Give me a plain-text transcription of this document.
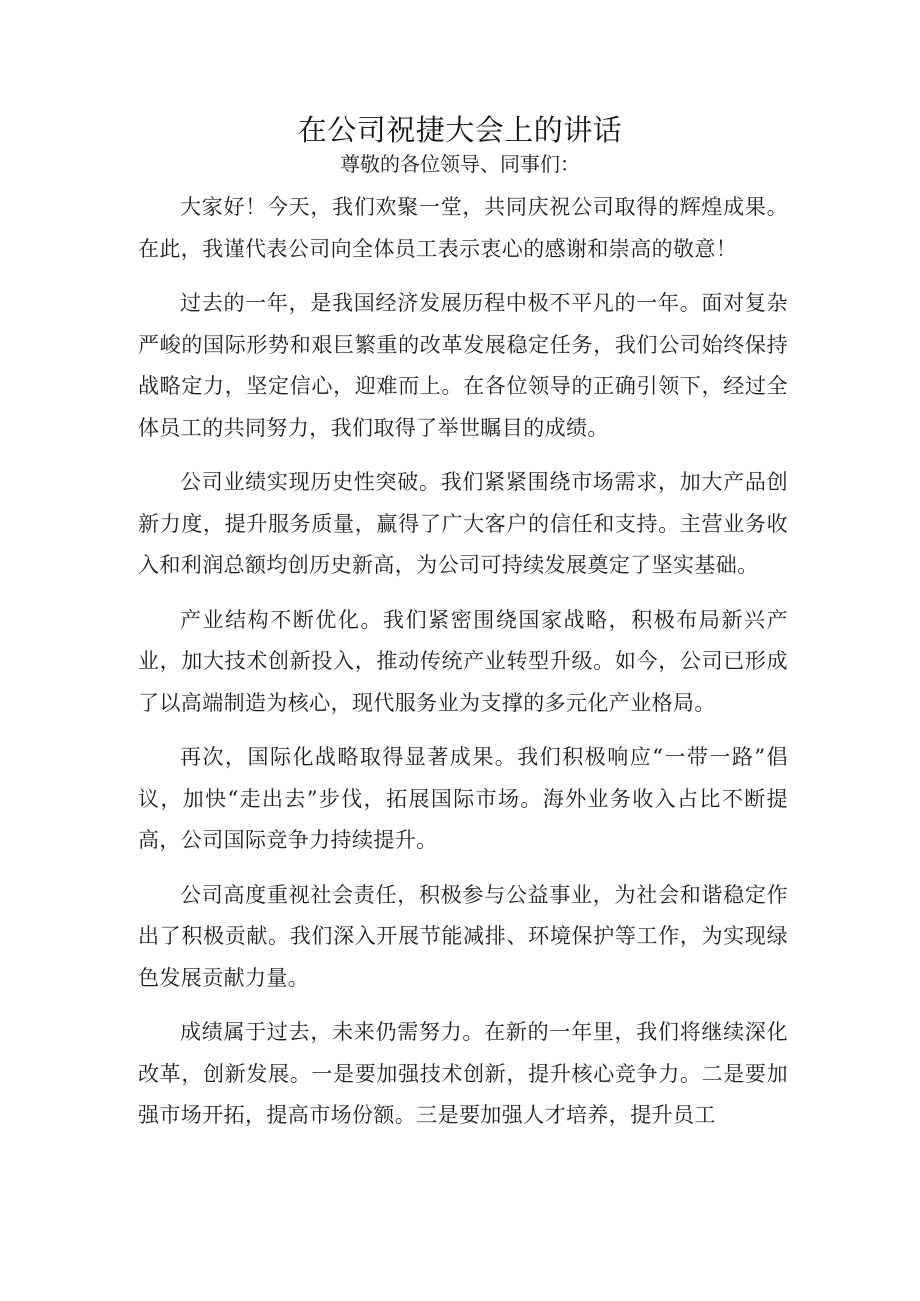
在公司祝捷大会上的讲话

尊敬的各位领导、同事们：

大家好！今天，我们欢聚一堂，共同庆祝公司取得的辉煌成果。在此，我谨代表公司向全体员工表示衷心的感谢和崇高的敬意！

过去的一年，是我国经济发展历程中极不平凡的一年。面对复杂严峻的国际形势和艰巨繁重的改革发展稳定任务，我们公司始终保持战略定力，坚定信心，迎难而上。在各位领导的正确引领下，经过全体员工的共同努力，我们取得了举世瞩目的成绩。

公司业绩实现历史性突破。我们紧紧围绕市场需求，加大产品创新力度，提升服务质量，赢得了广大客户的信任和支持。主营业务收入和利润总额均创历史新高，为公司可持续发展奠定了坚实基础。

产业结构不断优化。我们紧密围绕国家战略，积极布局新兴产业，加大技术创新投入，推动传统产业转型升级。如今，公司已形成了以高端制造为核心，现代服务业为支撑的多元化产业格局。

再次，国际化战略取得显著成果。我们积极响应“一带一路”倡议，加快“走出去”步伐，拓展国际市场。海外业务收入占比不断提高，公司国际竞争力持续提升。

公司高度重视社会责任，积极参与公益事业，为社会和谐稳定作出了积极贡献。我们深入开展节能减排、环境保护等工作，为实现绿色发展贡献力量。

成绩属于过去，未来仍需努力。在新的一年里，我们将继续深化改革，创新发展。一是要加强技术创新，提升核心竞争力。二是要加强市场开拓，提高市场份额。三是要加强人才培养，提升员工
